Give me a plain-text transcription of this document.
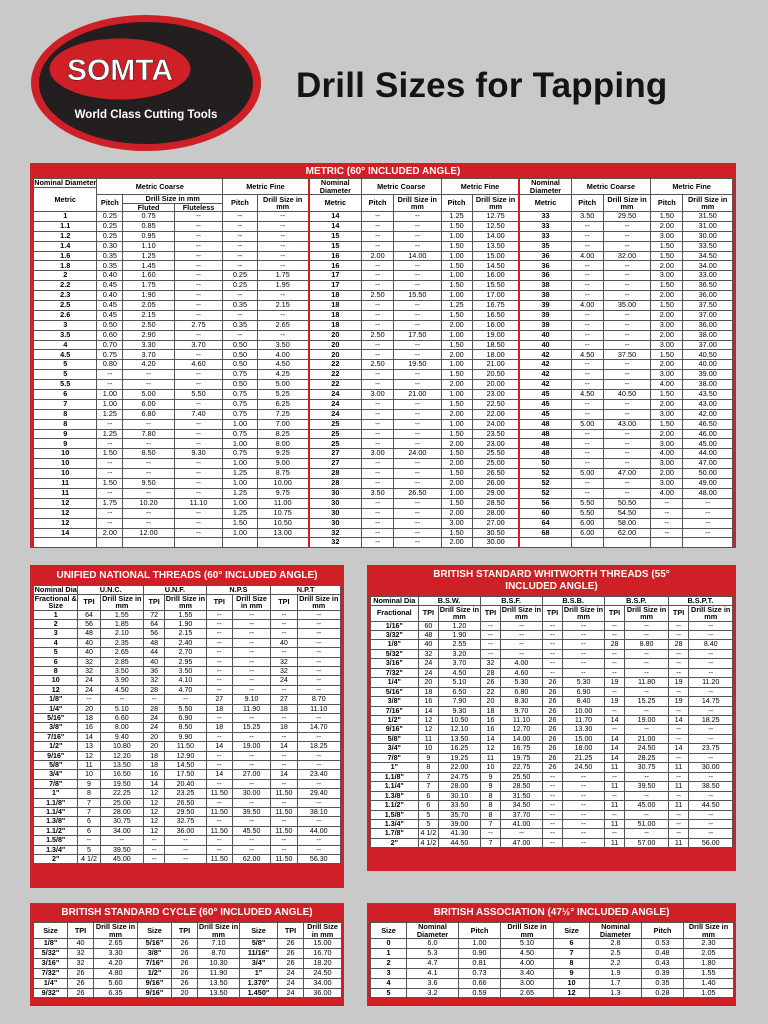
SOMTA
World Class Cutting Tools
Drill Sizes for Tapping
METRIC (60° INCLUDED ANGLE)
Nominal Diameter	Metric Coarse			Metric Fine		Nominal Diameter	Metric Coarse		Metric Fine		Nominal Diameter	Metric Coarse		Metric Fine	
Metric															
	Pitch	Drill Size in mm		Pitch	Drill Size in mm	Metric	Pitch	Drill Size in mm	Pitch	Drill Size in mm	Metric	Pitch	Drill Size in mm	Pitch	Drill Size in mm
		Fluted	Fluteless												
1	0.25	0.75	--	--	--	14	--	--	1.25	12.75	33	3.50	29.50	1.50	31.50
1.1	0.25	0.85	--	--	--	14	--	--	1.50	12.50	33	--	--	2.00	31.00
1.2	0.25	0.95	--	--	--	15	--	--	1.00	14.00	33	--	--	3.00	30.00
1.4	0.30	1.10	--	--	--	15	--	--	1.50	13.50	35	--	--	1.50	33.50
1.6	0.35	1.25	--	--	--	16	2.00	14.00	1.00	15.00	36	4.00	32.00	1.50	34.50
1.8	0.35	1.45	--	--	--	16	--	--	1.50	14.50	36	--	--	2.00	34.00
2	0.40	1.60	--	0.25	1.75	17	--	--	1.00	16.00	36	--	--	3.00	33.00
2.2	0.45	1.75	--	0.25	1.95	17	--	--	1.50	15.50	38	--	--	1.50	36.50
2.3	0.40	1.90	--	--	--	18	2.50	15.50	1.00	17.00	38	--	--	2.00	36.00
2.5	0.45	2.05	--	0.35	2.15	18	--	--	1.25	16.75	39	4.00	35.00	1.50	37.50
2.6	0.45	2.15	--	--	--	18	--	--	1.50	16.50	39	--	--	2.00	37.00
3	0.50	2.50	2.75	0.35	2.65	18	--	--	2.00	16.00	39	--	--	3.00	36.00
3.5	0.60	2.90	--	--	--	20	2.50	17.50	1.00	19.00	40	--	--	2.00	38.00
4	0.70	3.30	3.70	0.50	3.50	20	--	--	1.50	18.50	40	--	--	3.00	37.00
4.5	0.75	3.70	--	0.50	4.00	20	--	--	2.00	18.00	42	4.50	37.50	1.50	40.50
5	0.80	4.20	4.60	0.50	4.50	22	2.50	19.50	1.00	21.00	42	--	--	2.00	40.00
5	--	--	--	0.75	4.25	22	--	--	1.50	20.50	42	--	--	3.00	39.00
5.5	--	--	--	0.50	5.00	22	--	--	2.00	20.00	42	--	--	4.00	38.00
6	1.00	5.00	5.50	0.75	5.25	24	3.00	21.00	1.00	23.00	45	4.50	40.50	1.50	43.50
7	1.00	6.00	--	0.75	6.25	24	--	--	1.50	22.50	45	--	--	2.00	43.00
8	1.25	6.80	7.40	0.75	7.25	24	--	--	2.00	22.00	45	--	--	3.00	42.00
8	--	--	--	1.00	7.00	25	--	--	1.00	24.00	48	5.00	43.00	1.50	46.50
9	1.25	7.80	--	0.75	8.25	25	--	--	1.50	23.50	48	--	--	2.00	46.00
9	--	--	--	1.00	8.00	25	--	--	2.00	23.00	48	--	--	3.00	45.00
10	1.50	8.50	9.30	0.75	9.25	27	3.00	24.00	1.50	25.50	48	--	--	4.00	44.00
10	--	--	--	1.00	9.00	27	--	--	2.00	25.00	50	--	--	3.00	47.00
10	--	--	--	1.25	8.75	28	--	--	1.50	26.50	52	5.00	47.00	2.00	50.00
11	1.50	9.50	--	1.00	10.00	28	--	--	2.00	26.00	52	--	--	3.00	49.00
11	--	--	--	1.25	9.75	30	3.50	26.50	1.00	29.00	52	--	--	4.00	48.00
12	1.75	10.20	11.10	1.00	11.00	30	--	--	1.50	28.50	56	5.50	50.50	--	--
12	--	--	--	1.25	10.75	30	--	--	2.00	28.00	60	5.50	54.50	--	--
12	--	--	--	1.50	10.50	30	--	--	3.00	27.00	64	6.00	58.00	--	--
14	2.00	12.00	--	1.00	13.00	32	--	--	1.50	30.50	68	6.00	62.00	--	--
						32	--	--	2.00	30.00					
UNIFIED NATIONAL THREADS (60° INCLUDED ANGLE)
Nominal Dia	U.N.C.		U.N.F.		N.P.S		N.P.T	
Fractional & Size	TPI	Drill Size in mm	TPI	Drill Size in mm	TPI	Drill Size in mm	TPI	Drill Size in mm
1	64	1.55	72	1.55	--	--	--	--
2	56	1.85	64	1.90	--	--	--	--
3	48	2.10	56	2.15	--	--	--	--
4	40	2.35	48	2.40	--	--	40	--
5	40	2.65	44	2.70	--	--	--	--
6	32	2.85	40	2.95	--	--	32	--
8	32	3.50	36	3.50	--	--	32	--
10	24	3.90	32	4.10	--	--	24	--
12	24	4.50	28	4.70	--	--	--	--
1/8"	--	--	--	--	27	9.10	27	8.70
1/4"	20	5.10	28	5.50	18	11.90	18	11.10
5/16"	18	6.60	24	6.90	--	--	--	--
3/8"	16	8.00	24	8.50	18	15.25	18	14.70
7/16"	14	9.40	20	9.90	--	--	--	--
1/2"	13	10.80	20	11.50	14	19.00	14	18.25
9/16"	12	12.20	18	12.90	--	--	--	--
5/8"	11	13.50	18	14.50	--	--	--	--
3/4"	10	16.50	16	17.50	14	27.00	14	23.40
7/8"	9	19.50	14	20.40	--	--	--	--
1"	8	22.25	12	23.25	11.50	30.00	11.50	29.40
1.1/8"	7	25.00	12	26.50	--	--	--	--
1.1/4"	7	28.00	12	29.50	11.50	39.50	11.50	38.10
1.3/8"	6	30.75	12	32.75	--	--	--	--
1.1/2"	6	34.00	12	36.00	11.50	45.50	11.50	44.00
1.5/8"	--	--	--	--	--	--	--	--
1.3/4"	5	39.50	--	--	--	--	--	--
2"	4 1/2	45.00	--	--	11.50	62.00	11.50	56.30
BRITISH STANDARD WHITWORTH THREADS (55° INCLUDED ANGLE)
Nominal Dia	B.S.W.		B.S.F.		B.S.B.		B.S.P.		B.S.P.T.	
Fractional	TPI	Drill Size in mm	TPI	Drill Size in mm	TPI	Drill Size in mm	TPI	Drill Size in mm	TPI	Drill Size in mm
1/16"	60	1.20	--	--	--	--	--	--	--	--
3/32"	48	1.90	--	--	--	--	--	--	--	--
1/8"	40	2.55	--	--	--	--	28	8.80	28	8.40
5/32"	32	3.20	--	--	--	--	--	--	--	--
3/16"	24	3.70	32	4.00	--	--	--	--	--	--
7/32"	24	4.50	28	4.60	--	--	--	--	--	--
1/4"	20	5.10	26	5.30	26	5.30	19	11.80	19	11.20
5/16"	18	6.50	22	6.80	26	6.90	--	--	--	--
3/8"	16	7.90	20	8.30	26	8.40	19	15.25	19	14.75
7/16"	14	9.30	18	9.70	26	10.00	--	--	--	--
1/2"	12	10.50	16	11.10	26	11.70	14	19.00	14	18.25
9/16"	12	12.10	16	12.70	26	13.30	--	--	--	--
5/8"	11	13.50	14	14.00	26	15.00	14	21.00	--	--
3/4"	10	16.25	12	16.75	26	18.00	14	24.50	14	23.75
7/8"	9	19.25	11	19.75	26	21.25	14	28.25	--	--
1"	8	22.00	10	22.75	26	24.50	11	30.75	11	30.00
1.1/8"	7	24.75	9	25.50	--	--	--	--	--	--
1.1/4"	7	28.00	9	28.50	--	--	11	39.50	11	38.50
1.3/8"	6	30.10	8	31.50	--	--	--	--	--	--
1.1/2"	6	33.50	8	34.50	--	--	11	45.00	11	44.50
1.5/8"	5	35.70	8	37.70	--	--	--	--	--	--
1.3/4"	5	39.00	7	41.00	--	--	11	51.00	--	--
1.7/8"	4 1/2	41.30	--	--	--	--	--	--	--	--
2"	4 1/2	44.50	7	47.00	--	--	11	57.00	11	56.00
BRITISH STANDARD CYCLE (60° INCLUDED ANGLE)
Size	TPI	Drill Size in mm	Size	TPI	Drill Size in mm	Size	TPI	Drill Size in mm
1/8"	40	2.65	5/16"	26	7.10	5/8"	26	15.00
5/32"	32	3.30	3/8"	26	8.70	11/16"	26	16.70
3/16"	32	4.20	7/16"	26	10.30	3/4"	26	18.20
7/32"	26	4.80	1/2"	26	11.90	1"	24	24.50
1/4"	26	5.60	9/16"	26	13.50	1.370"	24	34.00
9/32"	26	6.35	9/16"	20	13.50	1.450"	24	36.00
BRITISH ASSOCIATION (47½° INCLUDED ANGLE)
Size	Nominal Diameter	Pitch	Drill Size in mm	Size	Nominal Diameter	Pitch	Drill Size in mm
0	6.0	1.00	5.10	6	2.8	0.53	2.30
1	5.3	0.90	4.50	7	2.5	0.48	2.05
2	4.7	0.81	4.00	8	2.2	0.43	1.80
3	4.1	0.73	3.40	9	1.9	0.39	1.55
4	3.6	0.66	3.00	10	1.7	0.35	1.40
5	3.2	0.59	2.65	12	1.3	0.28	1.05
